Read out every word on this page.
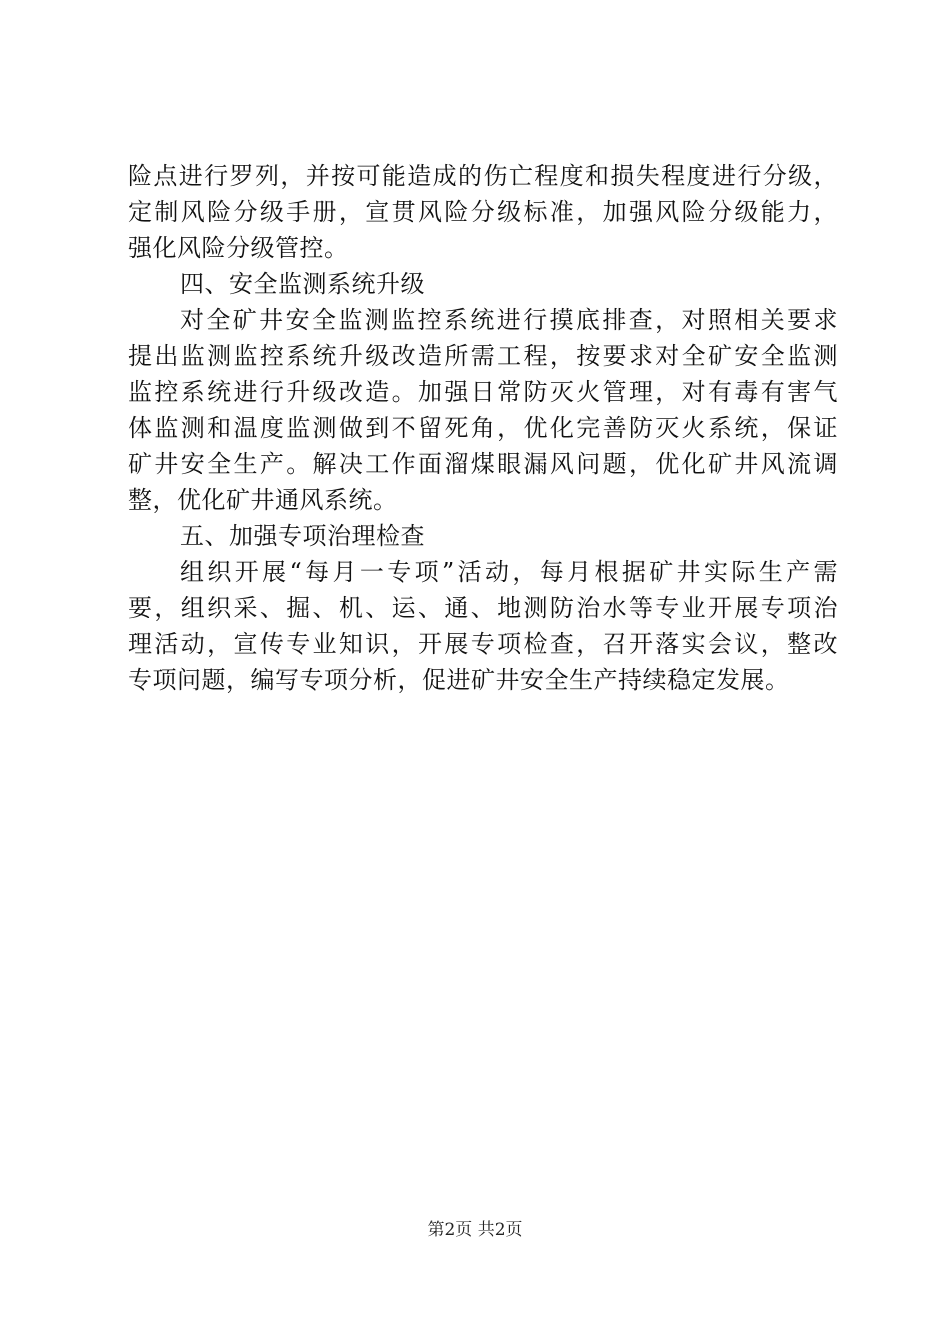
险点进行罗列，并按可能造成的伤亡程度和损失程度进行分级，
定制风险分级手册，宣贯风险分级标准，加强风险分级能力，
强化风险分级管控。
四、安全监测系统升级
对全矿井安全监测监控系统进行摸底排查，对照相关要求
提出监测监控系统升级改造所需工程，按要求对全矿安全监测
监控系统进行升级改造。加强日常防灭火管理，对有毒有害气
体监测和温度监测做到不留死角，优化完善防灭火系统，保证
矿井安全生产。解决工作面溜煤眼漏风问题，优化矿井风流调
整，优化矿井通风系统。
五、加强专项治理检查
组织开展“每月一专项”活动，每月根据矿井实际生产需
要，组织采、掘、机、运、通、地测防治水等专业开展专项治
理活动，宣传专业知识，开展专项检查，召开落实会议，整改
专项问题，编写专项分析，促进矿井安全生产持续稳定发展。
第2页 共2页
